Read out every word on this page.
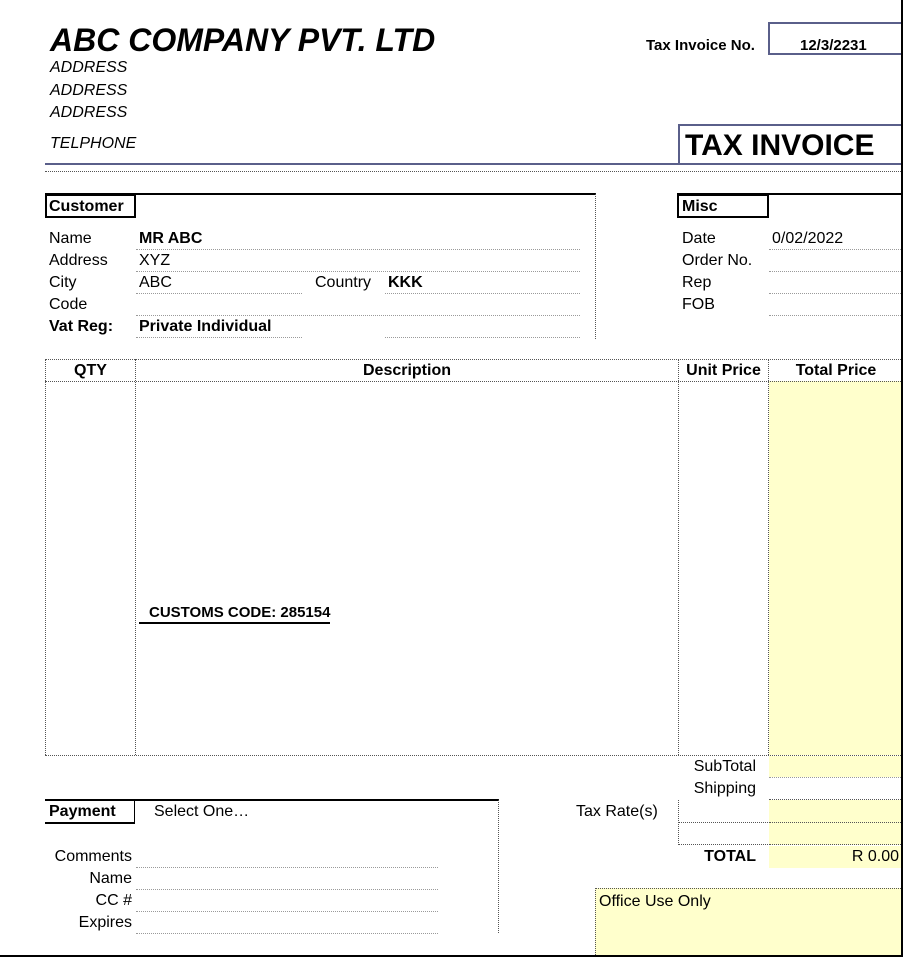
ABC COMPANY PVT. LTD
ADDRESS
ADDRESS
ADDRESS
TELPHONE
Tax Invoice No.	12/3/2231
TAX INVOICE
Customer
Name	MR ABC
Address XYZ
City	ABC	Country KKK
Code
Vat Reg: Private Individual
Misc
Date	0/02/2022
Order No.
Rep
FOB
QTY	Description	Unit Price	Total Price
CUSTOMS CODE: 285154
SubTotal
Shipping
Tax Rate(s)
TOTAL	R 0.00
Payment Select One…
Comments
Name
CC #
Expires
Office Use Only
